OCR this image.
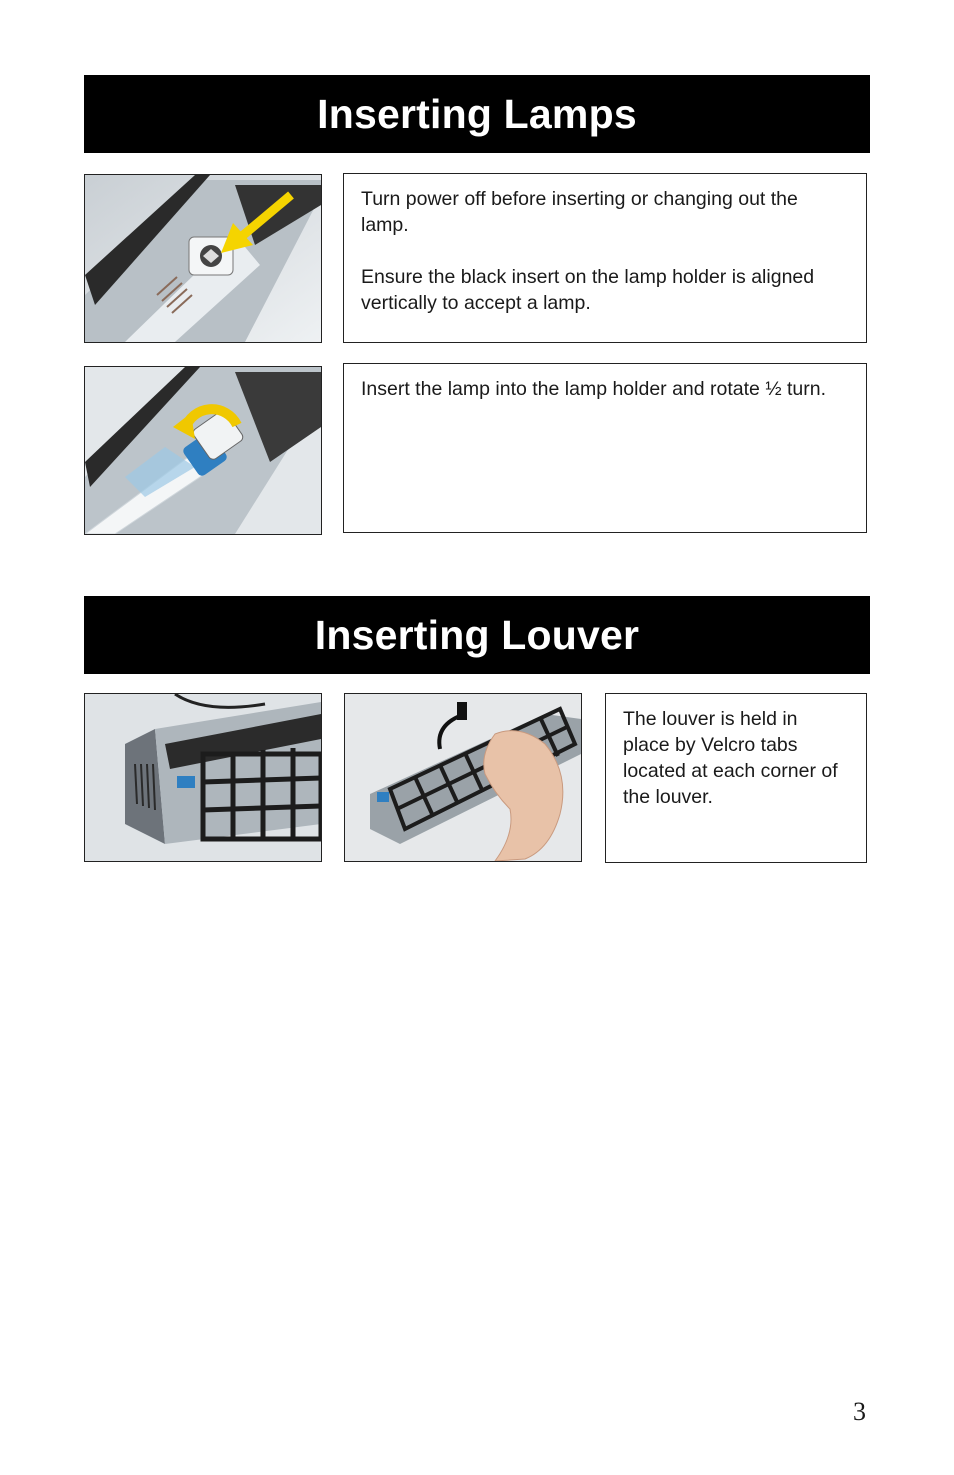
Inserting Lamps

Turn power off before inserting or changing out the lamp.

Ensure the black insert on the lamp holder is aligned vertically to accept a lamp.

Insert the lamp into the lamp holder and rotate ½ turn.

Inserting Louver

The louver is held in place by Velcro tabs located at each corner of the louver.

3
